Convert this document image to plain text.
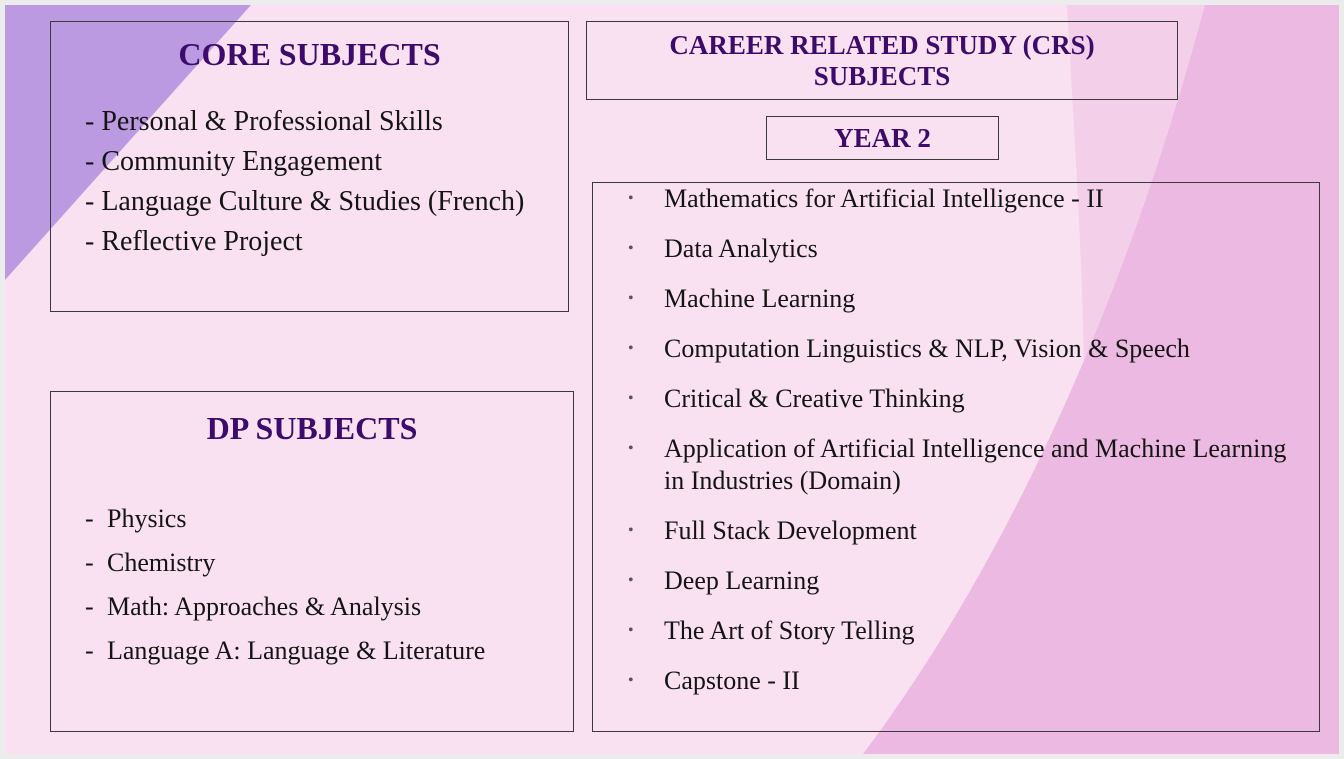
CORE SUBJECTS
- Personal & Professional Skills
- Community Engagement
- Language Culture & Studies (French)
- Reflective Project
DP SUBJECTS
- Physics
- Chemistry
- Math: Approaches & Analysis
- Language A: Language & Literature
CAREER RELATED STUDY (CRS)
SUBJECTS
YEAR 2
• Mathematics for Artificial Intelligence - II
• Data Analytics
• Machine Learning
• Computation Linguistics & NLP, Vision & Speech
• Critical & Creative Thinking
• Application of Artificial Intelligence and Machine Learning in Industries (Domain)
• Full Stack Development
• Deep Learning
• The Art of Story Telling
• Capstone - II
